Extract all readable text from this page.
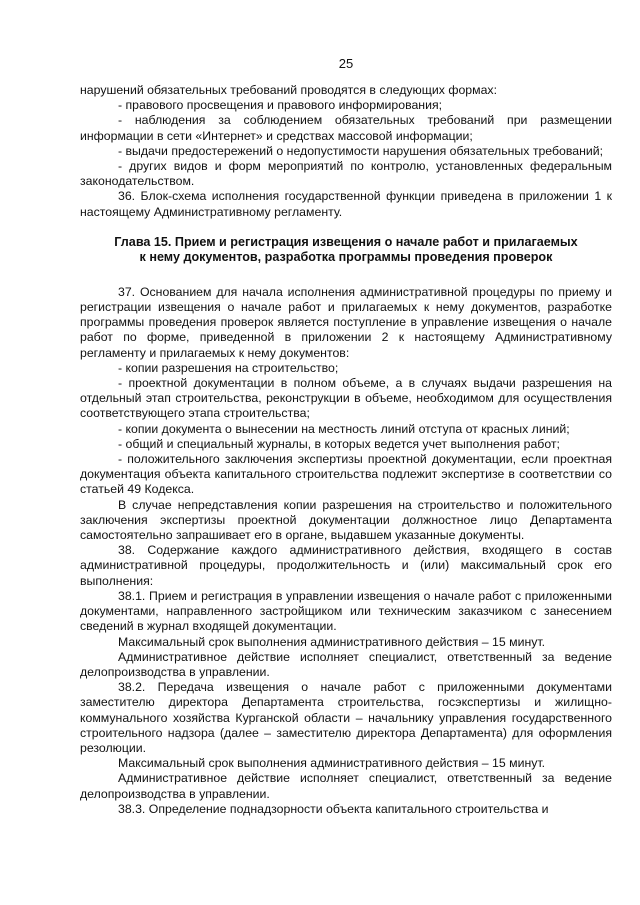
25

нарушений обязательных требований проводятся в следующих формах:

- правового просвещения и правового информирования;

- наблюдения за соблюдением обязательных требований при размещении информации в сети «Интернет» и средствах массовой информации;

- выдачи предостережений о недопустимости нарушения обязательных требований;

- других видов и форм мероприятий по контролю, установленных федеральным законодательством.

36. Блок-схема исполнения государственной функции приведена в приложении 1 к настоящему Административному регламенту.

Глава 15. Прием и регистрация извещения о начале работ и прилагаемых
к нему документов, разработка программы проведения проверок

37. Основанием для начала исполнения административной процедуры по приему и регистрации извещения о начале работ и прилагаемых к нему документов, разработке программы проведения проверок является поступление в управление извещения о начале работ по форме, приведенной в приложении 2 к настоящему Административному регламенту и прилагаемых к нему документов:

- копии разрешения на строительство;

- проектной документации в полном объеме, а в случаях выдачи разрешения на отдельный этап строительства, реконструкции в объеме, необходимом для осуществления соответствующего этапа строительства;

- копии документа о вынесении на местность линий отступа от красных линий;

- общий и специальный журналы, в которых ведется учет выполнения работ;

- положительного заключения экспертизы проектной документации, если проектная документация объекта капитального строительства подлежит экспертизе в соответствии со статьей 49 Кодекса.

В случае непредставления копии разрешения на строительство и положительного заключения экспертизы проектной документации должностное лицо Департамента самостоятельно запрашивает его в органе, выдавшем указанные документы.

38. Содержание каждого административного действия, входящего в состав административной процедуры, продолжительность и (или) максимальный срок его выполнения:

38.1. Прием и регистрация в управлении извещения о начале работ с приложенными документами, направленного застройщиком или техническим заказчиком с занесением сведений в журнал входящей документации.

Максимальный срок выполнения административного действия – 15 минут.

Административное действие исполняет специалист, ответственный за ведение делопроизводства в управлении.

38.2. Передача извещения о начале работ с приложенными документами заместителю директора Департамента строительства, госэкспертизы и жилищно-коммунального хозяйства Курганской области – начальнику управления государственного строительного надзора (далее – заместителю директора Департамента) для оформления резолюции.

Максимальный срок выполнения административного действия – 15 минут.

Административное действие исполняет специалист, ответственный за ведение делопроизводства в управлении.

38.3. Определение поднадзорности объекта капитального строительства и
